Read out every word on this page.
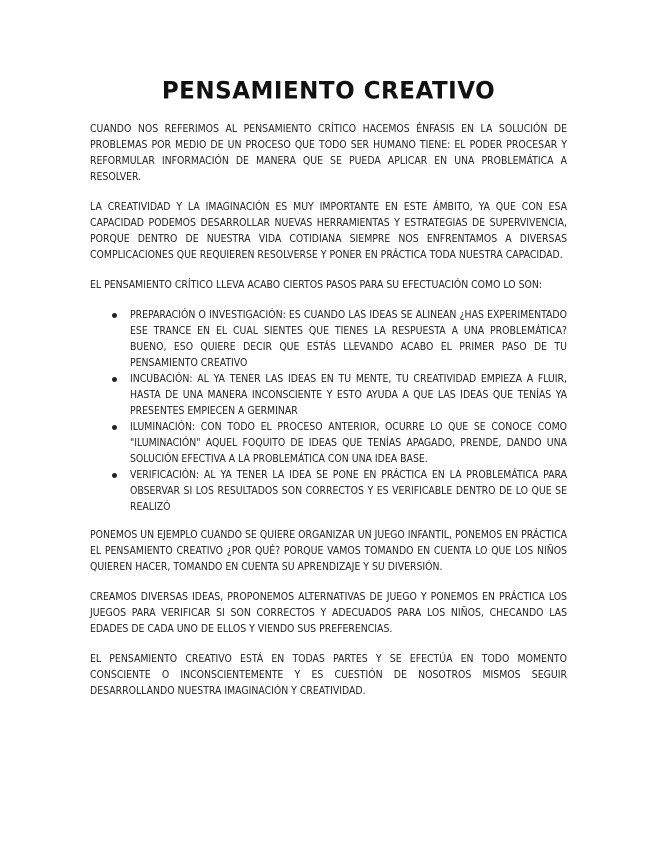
PENSAMIENTO CREATIVO

CUANDO NOS REFERIMOS AL PENSAMIENTO CRÍTICO HACEMOS ÉNFASIS EN LA SOLUCIÓN DE PROBLEMAS POR MEDIO DE UN PROCESO QUE TODO SER HUMANO TIENE: EL PODER PROCESAR Y REFORMULAR INFORMACIÓN DE MANERA QUE SE PUEDA APLICAR EN UNA PROBLEMÁTICA A RESOLVER.

LA CREATIVIDAD Y LA IMAGINACIÓN ES MUY IMPORTANTE EN ESTE ÁMBITO, YA QUE CON ESA CAPACIDAD PODEMOS DESARROLLAR NUEVAS HERRAMIENTAS Y ESTRATEGIAS DE SUPERVIVENCIA, PORQUE DENTRO DE NUESTRA VIDA COTIDIANA SIEMPRE NOS ENFRENTAMOS A DIVERSAS COMPLICACIONES QUE REQUIEREN RESOLVERSE Y PONER EN PRÁCTICA TODA NUESTRA CAPACIDAD.

EL PENSAMIENTO CRÍTICO LLEVA ACABO CIERTOS PASOS PARA SU EFECTUACIÓN COMO LO SON:

PREPARACIÓN O INVESTIGACIÓN: ES CUANDO LAS IDEAS SE ALINEAN ¿HAS EXPERIMENTADO ESE TRANCE EN EL CUAL SIENTES QUE TIENES LA RESPUESTA A UNA PROBLEMÁTICA? BUENO, ESO QUIERE DECIR QUE ESTÁS LLEVANDO ACABO EL PRIMER PASO DE TU PENSAMIENTO CREATIVO
INCUBACIÓN: AL YA TENER LAS IDEAS EN TU MENTE, TU CREATIVIDAD EMPIEZA A FLUIR, HASTA DE UNA MANERA INCONSCIENTE Y ESTO AYUDA A QUE LAS IDEAS QUE TENÍAS YA PRESENTES EMPIECEN A GERMINAR
ILUMINACIÓN: CON TODO EL PROCESO ANTERIOR, OCURRE LO QUE SE CONOCE COMO "ILUMINACIÓN" AQUEL FOQUITO DE IDEAS QUE TENÍAS APAGADO, PRENDE, DANDO UNA SOLUCIÓN EFECTIVA A LA PROBLEMÁTICA CON UNA IDEA BASE.
VERIFICACIÓN: AL YA TENER LA IDEA SE PONE EN PRÁCTICA EN LA PROBLEMÁTICA PARA OBSERVAR SI LOS RESULTADOS SON CORRECTOS Y ES VERIFICABLE DENTRO DE LO QUE SE REALIZÓ

PONEMOS UN EJEMPLO CUANDO SE QUIERE ORGANIZAR UN JUEGO INFANTIL, PONEMOS EN PRÁCTICA EL PENSAMIENTO CREATIVO ¿POR QUÉ? PORQUE VAMOS TOMANDO EN CUENTA LO QUE LOS NIÑOS QUIEREN HACER, TOMANDO EN CUENTA SU APRENDIZAJE Y SU DIVERSIÓN.

CREAMOS DIVERSAS IDEAS, PROPONEMOS ALTERNATIVAS DE JUEGO Y PONEMOS EN PRÁCTICA LOS JUEGOS PARA VERIFICAR SI SON CORRECTOS Y ADECUADOS PARA LOS NIÑOS, CHECANDO LAS EDADES DE CADA UNO DE ELLOS Y VIENDO SUS PREFERENCIAS.

EL PENSAMIENTO CREATIVO ESTÁ EN TODAS PARTES Y SE EFECTÚA EN TODO MOMENTO CONSCIENTE O INCONSCIENTEMENTE Y ES CUESTIÓN DE NOSOTROS MISMOS SEGUIR DESARROLLANDO NUESTRA IMAGINACIÓN Y CREATIVIDAD.
